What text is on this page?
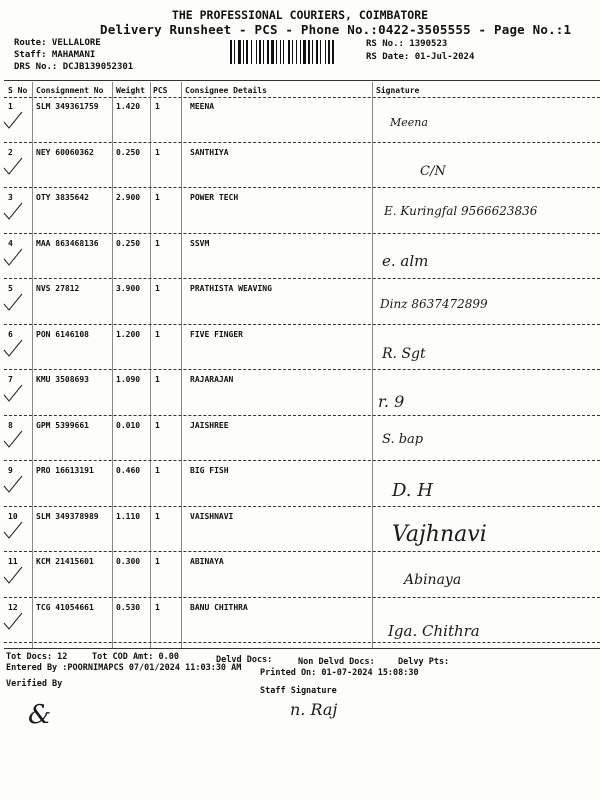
THE PROFESSIONAL COURIERS, COIMBATORE
Delivery Runsheet - PCS - Phone No.:0422-3505555 - Page No.:1
Route: VELLALORE
Staff: MAHAMANI
DRS No.: DCJB139052301
RS No.: 1390523
RS Date: 01-Jul-2024
S No Consignment No Weight PCS Consignee Details	Signature
1	SLM 349361759 1.420 1	MEENA
Meena
2	NEY 60060362	0.250 1	SANTHIYA
C/N
3	OTY 3835642	2.900 1	POWER TECH
E. Kuringfal 9566623836
4	MAA 863468136 0.250 1	SSVM
e. alm
5	NVS 27812	3.900 1	PRATHISTA WEAVING
Dinz 8637472899
6	PON 6146108	1.200 1	FIVE FINGER
R. Sgt
7	KMU 3508693	1.090 1	RAJARAJAN
r. 9
8	GPM 5399661	0.010 1	JAISHREE
S. bap
9	PRO 16613191	0.460 1	BIG FISH
D. H
10 SLM 349378989 1.110 1	VAISHNAVI
Vajhnavi
11 KCM 21415601	0.300 1	ABINAYA
Abinaya
12 TCG 41054661	0.530 1	BANU CHITHRA
Iga. Chithra
Tot Docs: 12	Tot COD Amt: 0.00	Delvd Docs:	Non Delvd Docs:	Delvy Pts:
Entered By :POORNIMAPCS 07/01/2024 11:03:30 AM Printed On: 01-07-2024 15:08:30
Verified By
Staff Signature
n. Raj
&
